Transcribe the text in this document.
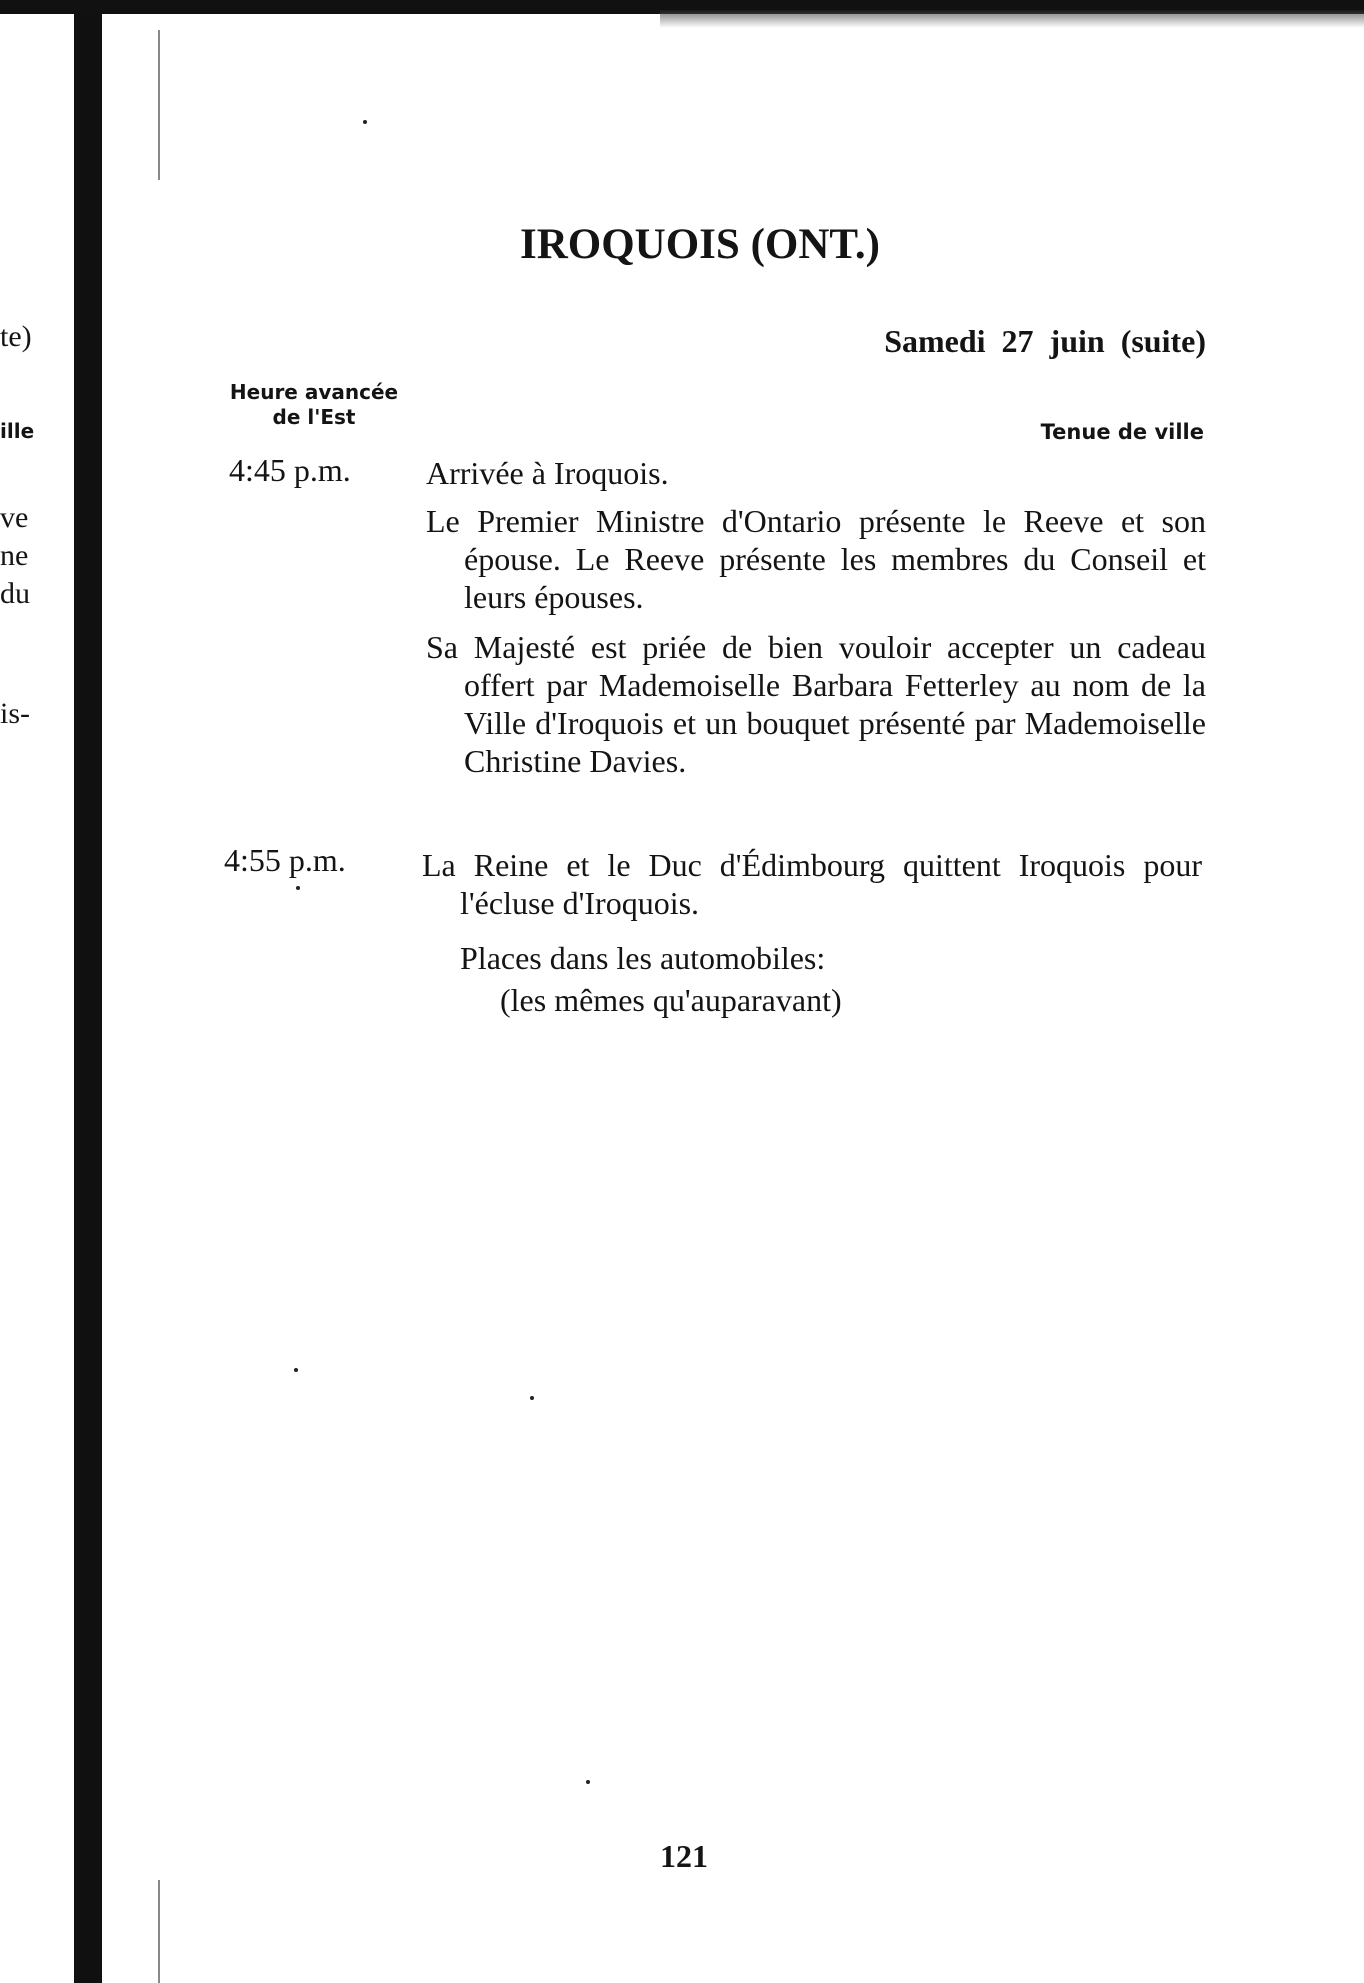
te)
ille
ve
ne
du
is-
IROQUOIS (ONT.)
Samedi 27 juin (suite)
Heure avancée
de l'Est
Tenue de ville
4:45 p.m. Arrivée à Iroquois.
Le Premier Ministre d'Ontario présente le Reeve et son épouse. Le Reeve présente les membres du Conseil et leurs épouses.
Sa Majesté est priée de bien vouloir accepter un cadeau offert par Mademoiselle Barbara Fetterley au nom de la Ville d'Iroquois et un bouquet présenté par Mademoiselle Christine Davies.
4:55 p.m. La Reine et le Duc d'Édimbourg quittent Iroquois pour l'écluse d'Iroquois.
Places dans les automobiles:
(les mêmes qu'auparavant)
121
